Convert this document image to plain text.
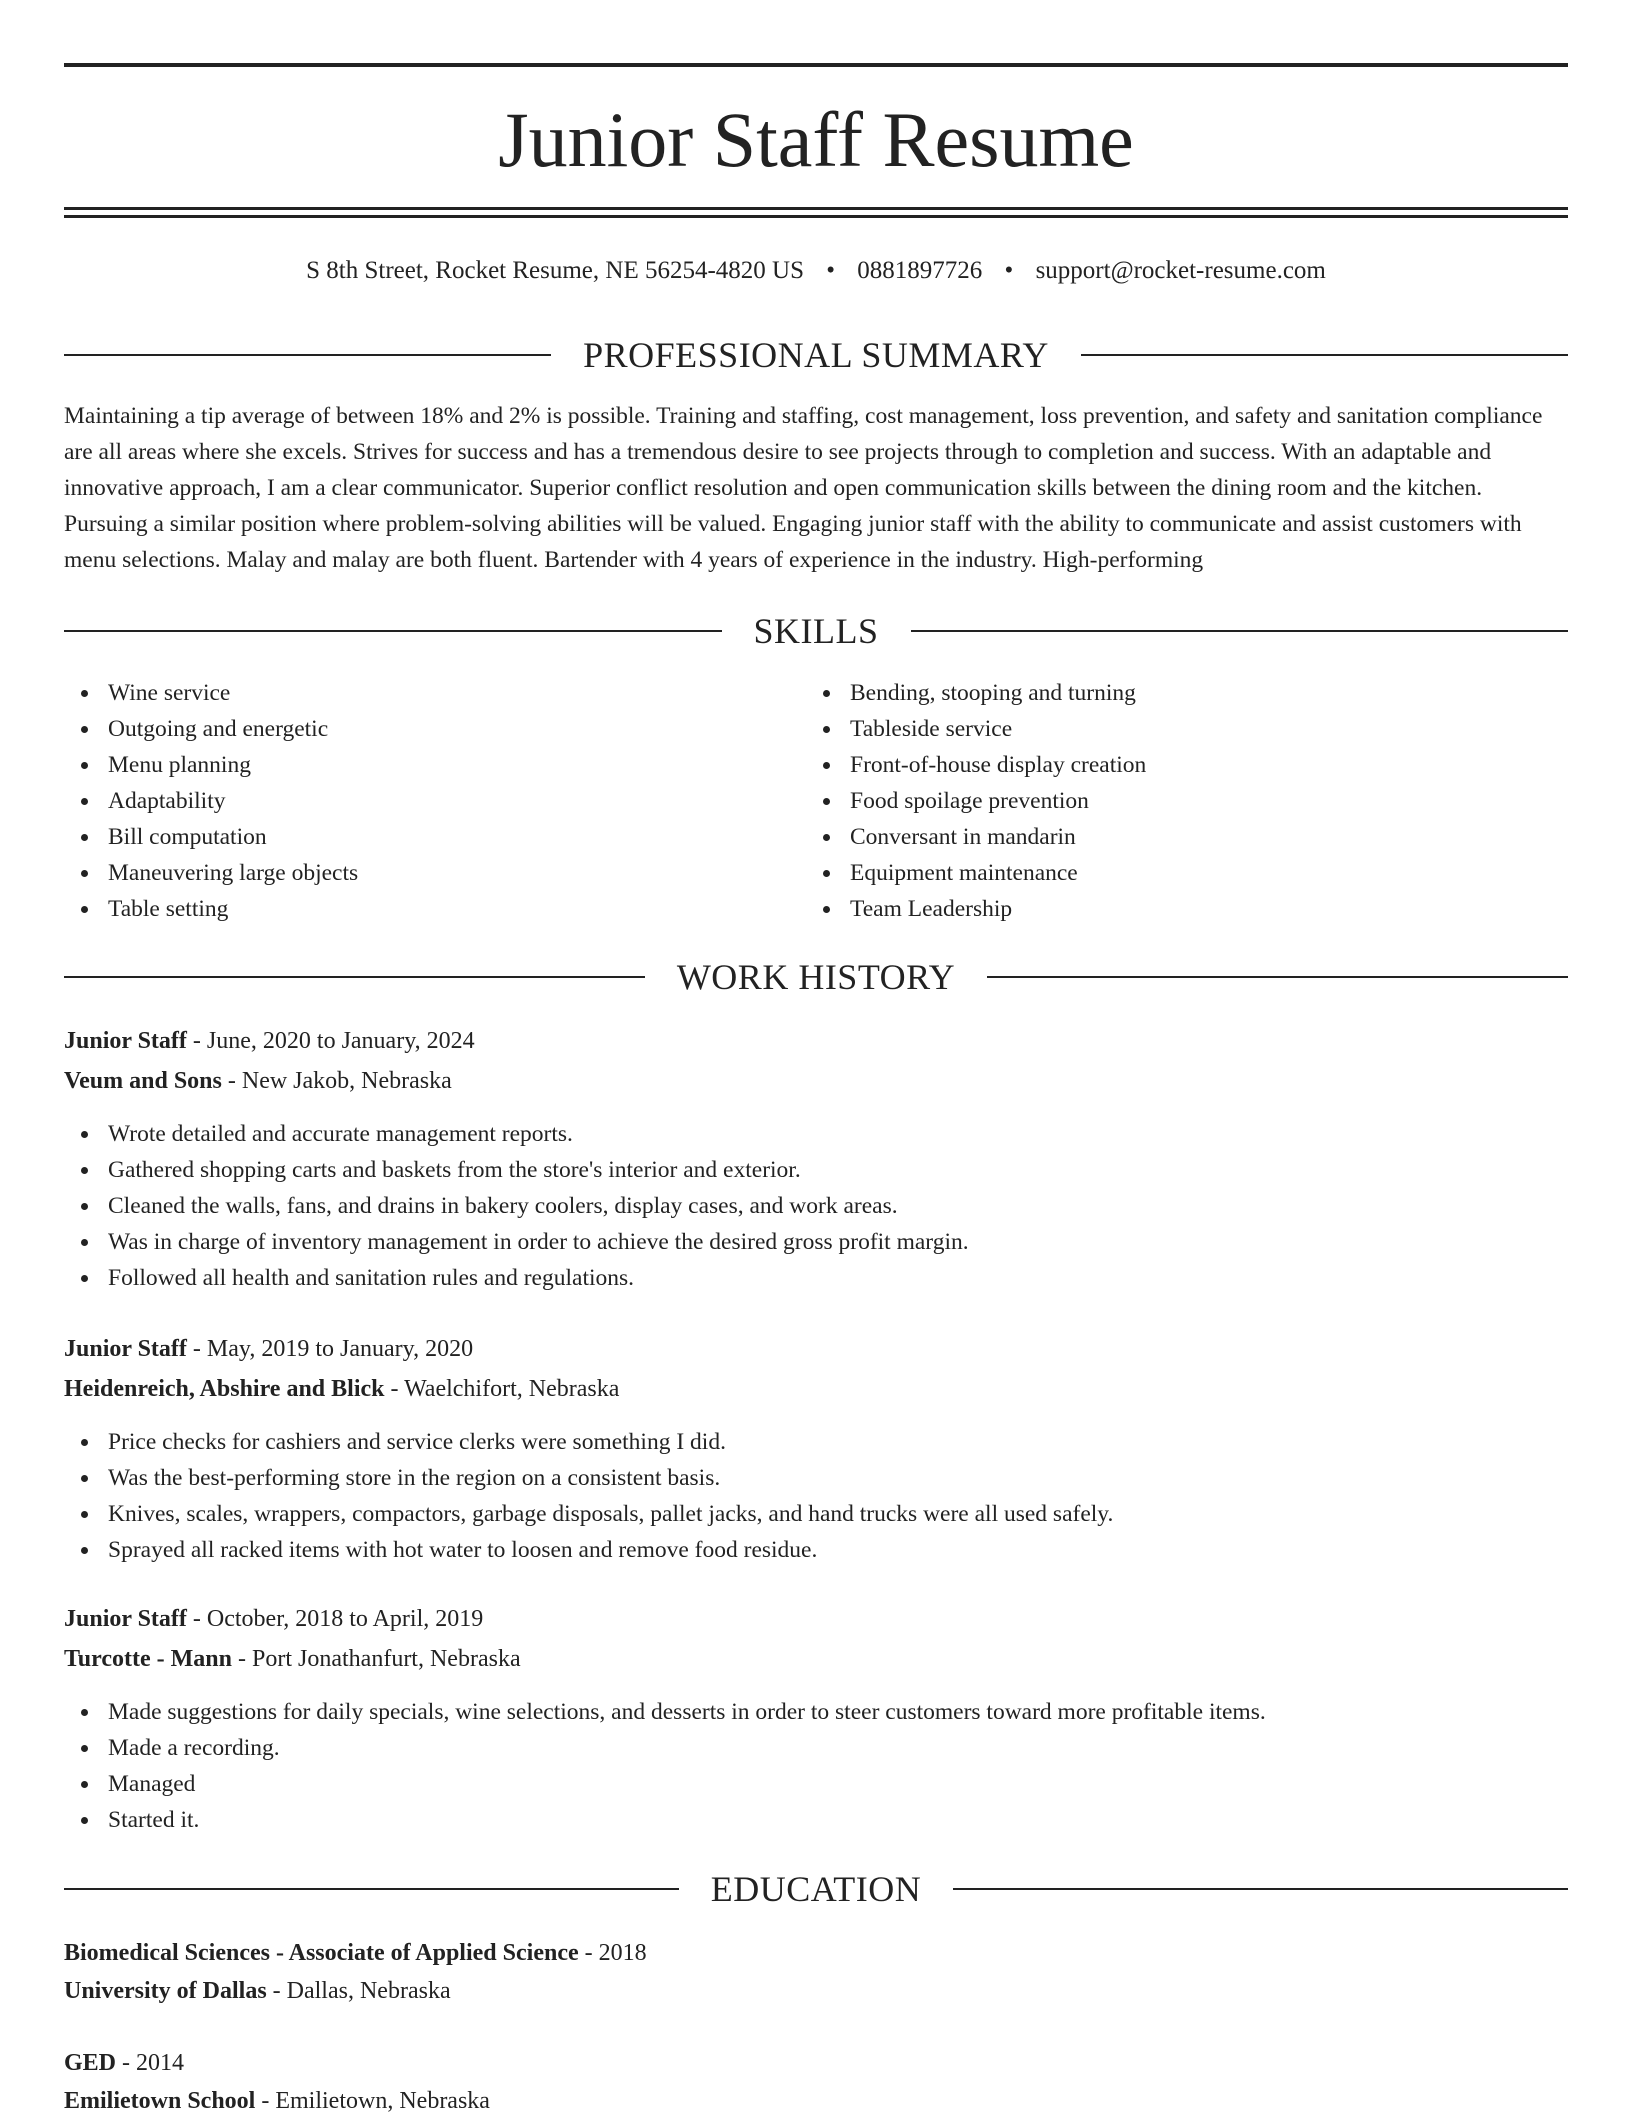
Junior Staff Resume
S 8th Street, Rocket Resume, NE 56254-4820 US • 0881897726 • support@rocket-resume.com
PROFESSIONAL SUMMARY

Maintaining a tip average of between 18% and 2% is possible. Training and staffing, cost management, loss prevention, and safety and sanitation compliance are all areas where she excels. Strives for success and has a tremendous desire to see projects through to completion and success. With an adaptable and innovative approach, I am a clear communicator. Superior conflict resolution and open communication skills between the dining room and the kitchen. Pursuing a similar position where problem-solving abilities will be valued. Engaging junior staff with the ability to communicate and assist customers with menu selections. Malay and malay are both fluent. Bartender with 4 years of experience in the industry. High-performing

SKILLS
Wine service
Outgoing and energetic
Menu planning
Adaptability
Bill computation
Maneuvering large objects
Table setting
Bending, stooping and turning
Tableside service
Front-of-house display creation
Food spoilage prevention
Conversant in mandarin
Equipment maintenance
Team Leadership
WORK HISTORY
Junior Staff - June, 2020 to January, 2024
Veum and Sons - New Jakob, Nebraska
Wrote detailed and accurate management reports.
Gathered shopping carts and baskets from the store's interior and exterior.
Cleaned the walls, fans, and drains in bakery coolers, display cases, and work areas.
Was in charge of inventory management in order to achieve the desired gross profit margin.
Followed all health and sanitation rules and regulations.
Junior Staff - May, 2019 to January, 2020
Heidenreich, Abshire and Blick - Waelchifort, Nebraska
Price checks for cashiers and service clerks were something I did.
Was the best-performing store in the region on a consistent basis.
Knives, scales, wrappers, compactors, garbage disposals, pallet jacks, and hand trucks were all used safely.
Sprayed all racked items with hot water to loosen and remove food residue.
Junior Staff - October, 2018 to April, 2019
Turcotte - Mann - Port Jonathanfurt, Nebraska
Made suggestions for daily specials, wine selections, and desserts in order to steer customers toward more profitable items.
Made a recording.
Managed
Started it.
EDUCATION
Biomedical Sciences - Associate of Applied Science - 2018
University of Dallas - Dallas, Nebraska
GED - 2014
Emilietown School - Emilietown, Nebraska
